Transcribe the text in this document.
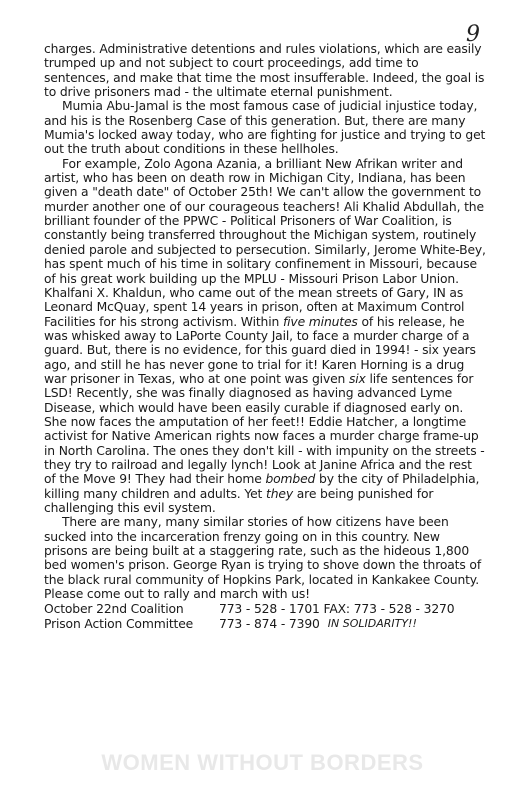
9

charges. Administrative detentions and rules violations, which are easily trumped up and not subject to court proceedings, add time to sentences, and make that time the most insufferable. Indeed, the goal is to drive prisoners mad - the ultimate eternal punishment.

Mumia Abu-Jamal is the most famous case of judicial injustice today, and his is the Rosenberg Case of this generation. But, there are many Mumia's locked away today, who are fighting for justice and trying to get out the truth about conditions in these hellholes.

For example, Zolo Agona Azania, a brilliant New Afrikan writer and artist, who has been on death row in Michigan City, Indiana, has been given a "death date" of October 25th! We can't allow the government to murder another one of our courageous teachers! Ali Khalid Abdullah, the brilliant founder of the PPWC - Political Prisoners of War Coalition, is constantly being transferred throughout the Michigan system, routinely denied parole and subjected to persecution. Similarly, Jerome White-Bey, has spent much of his time in solitary confinement in Missouri, because of his great work building up the MPLU - Missouri Prison Labor Union. Khalfani X. Khaldun, who came out of the mean streets of Gary, IN as Leonard McQuay, spent 14 years in prison, often at Maximum Control Facilities for his strong activism. Within five minutes of his release, he was whisked away to LaPorte County Jail, to face a murder charge of a guard. But, there is no evidence, for this guard died in 1994! - six years ago, and still he has never gone to trial for it! Karen Horning is a drug war prisoner in Texas, who at one point was given six life sentences for LSD! Recently, she was finally diagnosed as having advanced Lyme Disease, which would have been easily curable if diagnosed early on. She now faces the amputation of her feet!! Eddie Hatcher, a longtime activist for Native American rights now faces a murder charge frame-up in North Carolina. The ones they don't kill - with impunity on the streets - they try to railroad and legally lynch! Look at Janine Africa and the rest of the Move 9! They had their home bombed by the city of Philadelphia, killing many children and adults. Yet they are being punished for challenging this evil system.

There are many, many similar stories of how citizens have been sucked into the incarceration frenzy going on in this country. New prisons are being built at a staggering rate, such as the hideous 1,800 bed women's prison. George Ryan is trying to shove down the throats of the black rural community of Hopkins Park, located in Kankakee County. Please come out to rally and march with us!

October 22nd Coalition	773 - 528 - 1701 FAX: 773 - 528 - 3270
Prison Action Committee	773 - 874 - 7390 IN SOLIDARITY!!
WOMEN WITHOUT BORDERS
